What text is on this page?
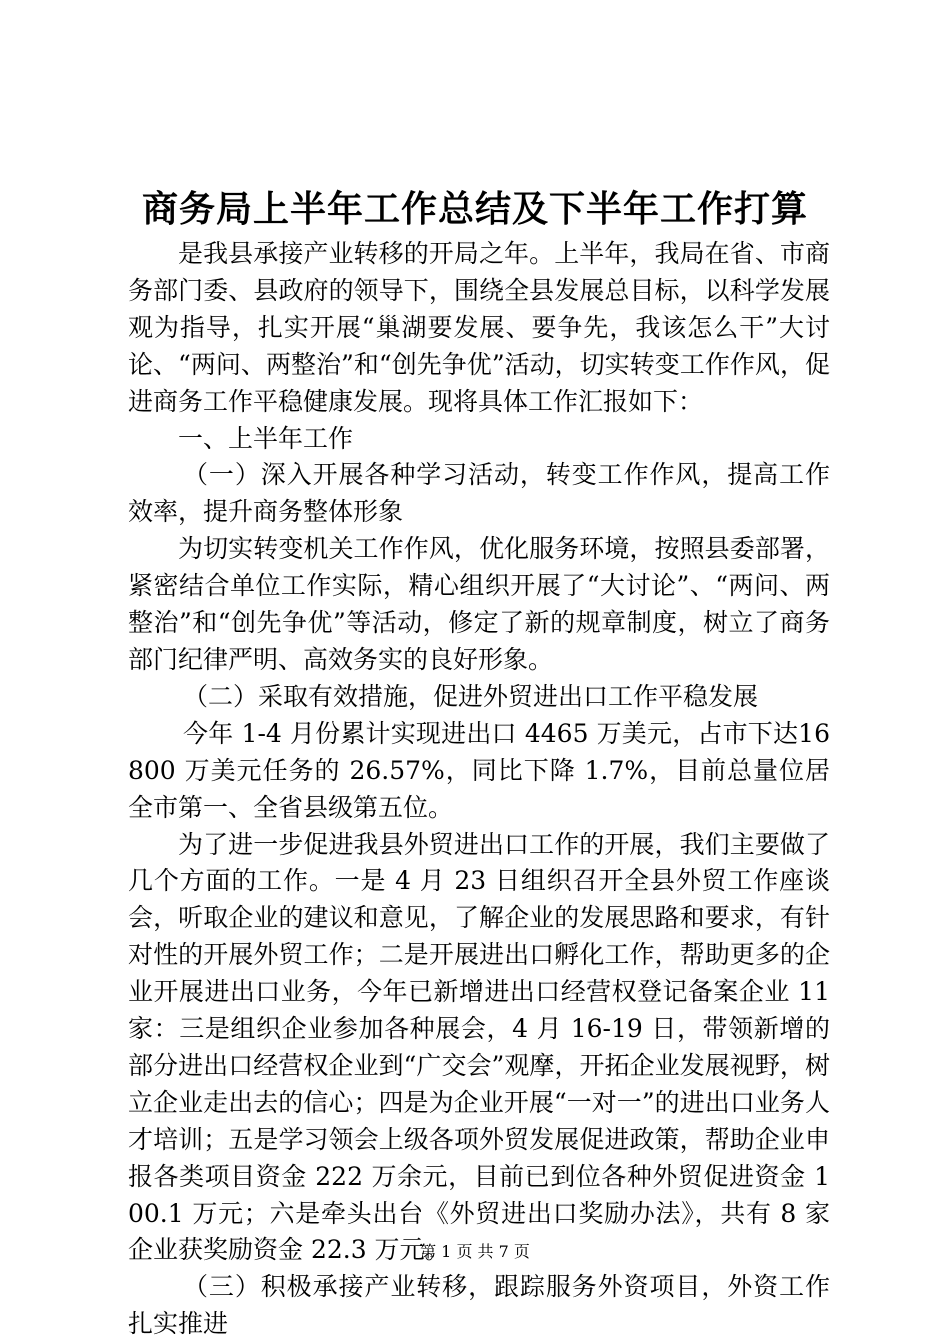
商务局上半年工作总结及下半年工作打算

是我县承接产业转移的开局之年。上半年，我局在省、市商务部门委、县政府的领导下，围绕全县发展总目标，以科学发展观为指导，扎实开展“巢湖要发展、要争先，我该怎么干”大讨论、“两问、两整治”和“创先争优”活动，切实转变工作作风，促进商务工作平稳健康发展。现将具体工作汇报如下：

一、上半年工作

（一）深入开展各种学习活动，转变工作作风，提高工作效率，提升商务整体形象

为切实转变机关工作作风，优化服务环境，按照县委部署，紧密结合单位工作实际，精心组织开展了“大讨论”、“两问、两整治”和“创先争优”等活动，修定了新的规章制度，树立了商务部门纪律严明、高效务实的良好形象。

（二）采取有效措施，促进外贸进出口工作平稳发展

今年 1-4 月份累计实现进出口 4465 万美元，占市下达16800 万美元任务的 26.57%，同比下降 1.7%，目前总量位居全市第一、全省县级第五位。

为了进一步促进我县外贸进出口工作的开展，我们主要做了几个方面的工作。一是 4 月 23 日组织召开全县外贸工作座谈会，听取企业的建议和意见，了解企业的发展思路和要求，有针对性的开展外贸工作；二是开展进出口孵化工作，帮助更多的企业开展进出口业务，今年已新增进出口经营权登记备案企业 11 家：三是组织企业参加各种展会，4 月 16-19 日，带领新增的部分进出口经营权企业到“广交会”观摩，开拓企业发展视野，树立企业走出去的信心；四是为企业开展“一对一”的进出口业务人才培训；五是学习领会上级各项外贸发展促进政策，帮助企业申报各类项目资金 222 万余元，目前已到位各种外贸促进资金 100.1 万元；六是牵头出台《外贸进出口奖励办法》，共有 8 家企业获奖励资金 22.3 万元。

（三）积极承接产业转移，跟踪服务外资项目，外资工作扎实推进

第 1 页 共 7 页
